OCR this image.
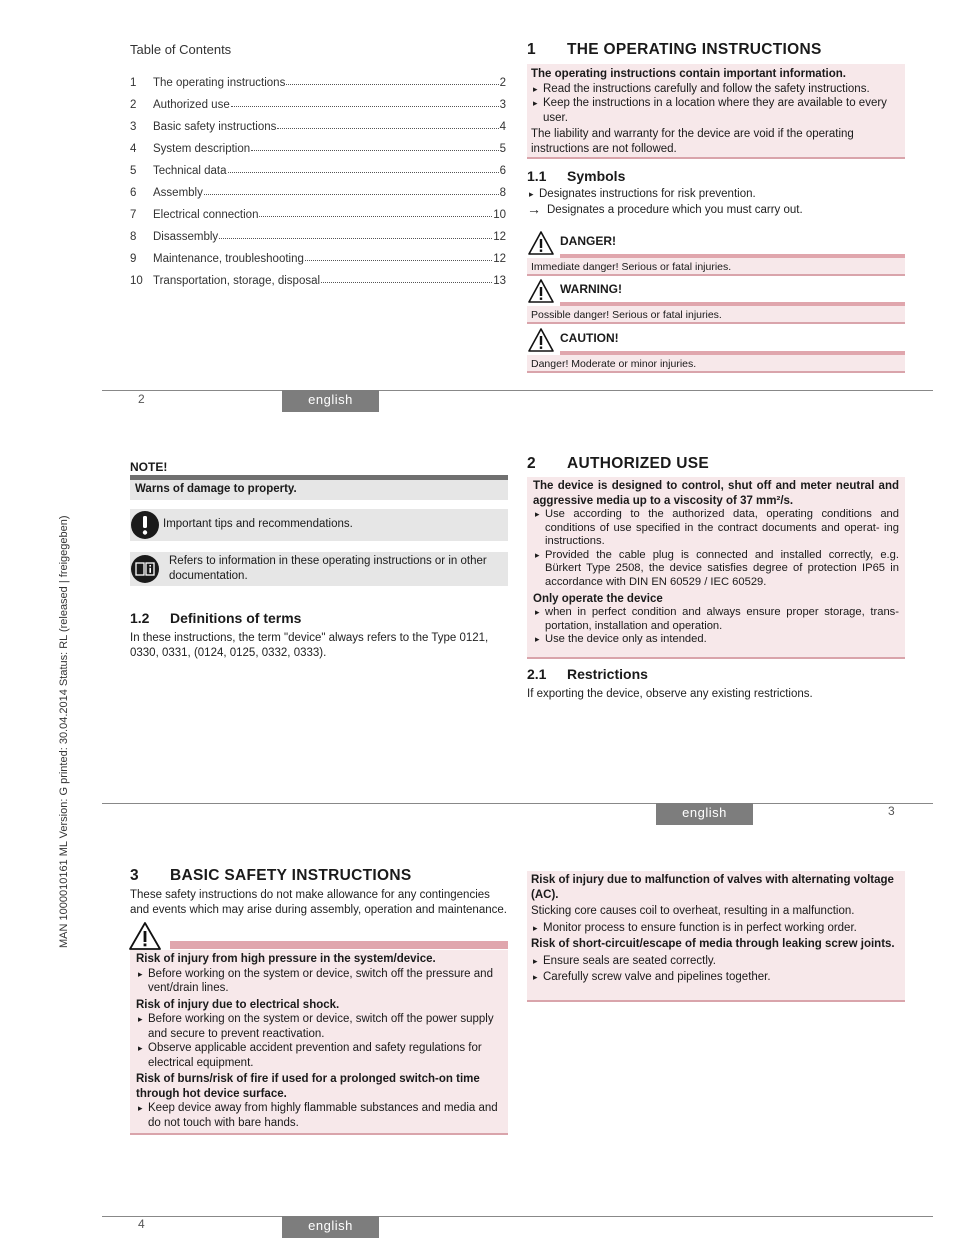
MAN 1000010161 ML Version: G printed: 30.04.2014 Status: RL (released | freigegeben)
Table of Contents
1	The operating instructions	2
2	Authorized use	3
3	Basic safety instructions	4
4	System description	5
5	Technical data	6
6	Assembly	8
7	Electrical connection	10
8	Disassembly	12
9	Maintenance, troubleshooting	12
10 Transportation, storage, disposal	13
1 THE OPERATING INSTRUCTIONS
The operating instructions contain important information.
▸ Read the instructions carefully and follow the safety instructions.
▸ Keep the instructions in a location where they are available to every user.
The liability and warranty for the device are void if the operating instructions are not followed.
1.1 Symbols
▸ Designates instructions for risk prevention.
→ Designates a procedure which you must carry out.
DANGER!
Immediate danger! Serious or fatal injuries.
WARNING!
Possible danger! Serious or fatal injuries.
CAUTION!
Danger! Moderate or minor injuries.
2	english
NOTE!
Warns of damage to property.
Important tips and recommendations.
Refers to information in these operating instructions or in other documentation.
1.2 Definitions of terms
In these instructions, the term "device" always refers to the Type 0121, 0330, 0331, (0124, 0125, 0332, 0333).
2 AUTHORIZED USE
The device is designed to control, shut off and meter neutral and aggressive media up to a viscosity of 37 mm²/s.
▸ Use according to the authorized data, operating conditions and conditions of use specified in the contract documents and operat- ing instructions.
▸ Provided the cable plug is connected and installed correctly, e.g. Bürkert Type 2508, the device satisfies degree of protection IP65 in accordance with DIN EN 60529 / IEC 60529.
Only operate the device
▸ when in perfect condition and always ensure proper storage, trans- portation, installation and operation.
▸ Use the device only as intended.
2.1 Restrictions
If exporting the device, observe any existing restrictions.
english	3
3 BASIC SAFETY INSTRUCTIONS
These safety instructions do not make allowance for any contingencies and events which may arise during assembly, operation and maintenance.
Risk of injury from high pressure in the system/device.
▸ Before working on the system or device, switch off the pressure and vent/drain lines.
Risk of injury due to electrical shock.
▸ Before working on the system or device, switch off the power supply and secure to prevent reactivation.
▸ Observe applicable accident prevention and safety regulations for electrical equipment.
Risk of burns/risk of fire if used for a prolonged switch-on time through hot device surface.
▸ Keep device away from highly flammable substances and media and do not touch with bare hands.
Risk of injury due to malfunction of valves with alternating voltage (AC).
Sticking core causes coil to overheat, resulting in a malfunction.
▸ Monitor process to ensure function is in perfect working order.
Risk of short-circuit/escape of media through leaking screw joints.
▸ Ensure seals are seated correctly.
▸ Carefully screw valve and pipelines together.
4	english
